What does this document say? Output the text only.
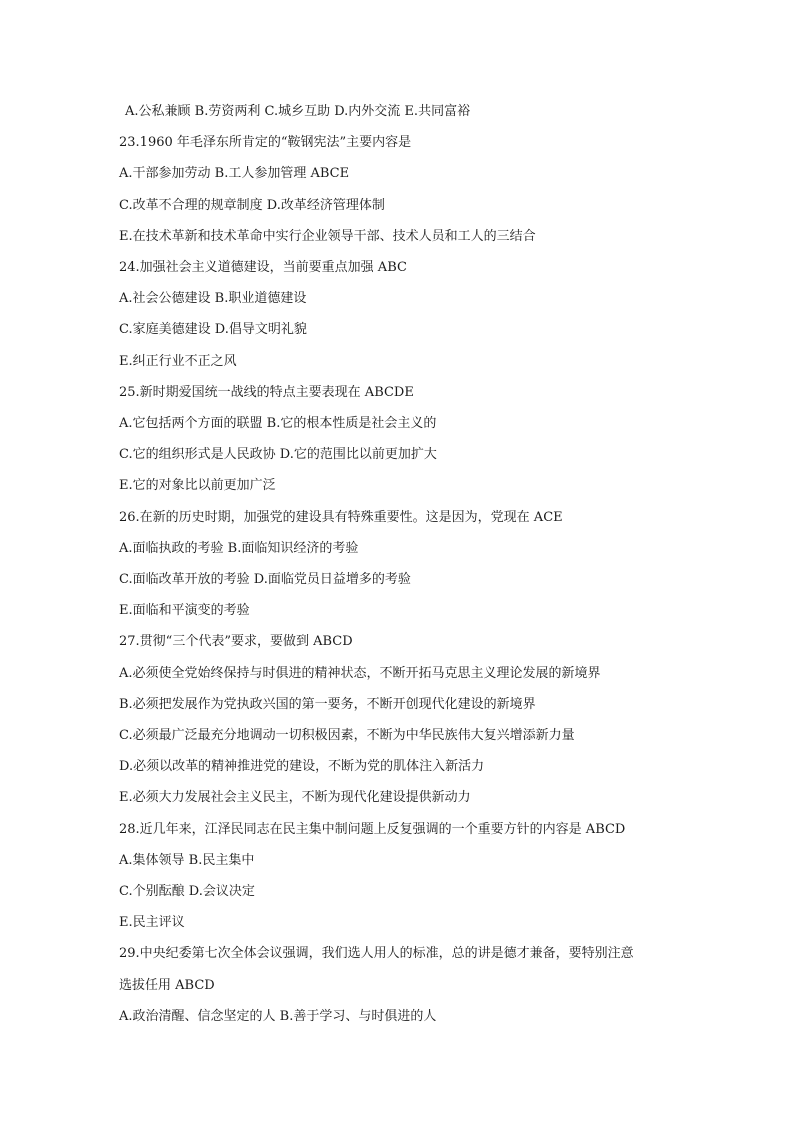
A.公私兼顾 B.劳资两利 C.城乡互助 D.内外交流 E.共同富裕
23.1960 年毛泽东所肯定的“鞍钢宪法”主要内容是
A.干部参加劳动 B.工人参加管理 ABCE
C.改革不合理的规章制度 D.改革经济管理体制
E.在技术革新和技术革命中实行企业领导干部、技术人员和工人的三结合
24.加强社会主义道德建设，当前要重点加强 ABC
A.社会公德建设 B.职业道德建设
C.家庭美德建设 D.倡导文明礼貌
E.纠正行业不正之风
25.新时期爱国统一战线的特点主要表现在 ABCDE
A.它包括两个方面的联盟 B.它的根本性质是社会主义的
C.它的组织形式是人民政协 D.它的范围比以前更加扩大
E.它的对象比以前更加广泛
26.在新的历史时期，加强党的建设具有特殊重要性。这是因为，党现在 ACE
A.面临执政的考验 B.面临知识经济的考验
C.面临改革开放的考验 D.面临党员日益增多的考验
E.面临和平演变的考验
27.贯彻“三个代表”要求，要做到 ABCD
A.必须使全党始终保持与时俱进的精神状态，不断开拓马克思主义理论发展的新境界
B.必须把发展作为党执政兴国的第一要务，不断开创现代化建设的新境界
C.必须最广泛最充分地调动一切积极因素，不断为中华民族伟大复兴增添新力量
D.必须以改革的精神推进党的建设，不断为党的肌体注入新活力
E.必须大力发展社会主义民主，不断为现代化建设提供新动力
28.近几年来，江泽民同志在民主集中制问题上反复强调的一个重要方针的内容是 ABCD
A.集体领导 B.民主集中
C.个别酝酿 D.会议决定
E.民主评议
29.中央纪委第七次全体会议强调，我们选人用人的标准，总的讲是德才兼备，要特别注意
选拔任用 ABCD
A.政治清醒、信念坚定的人 B.善于学习、与时俱进的人
